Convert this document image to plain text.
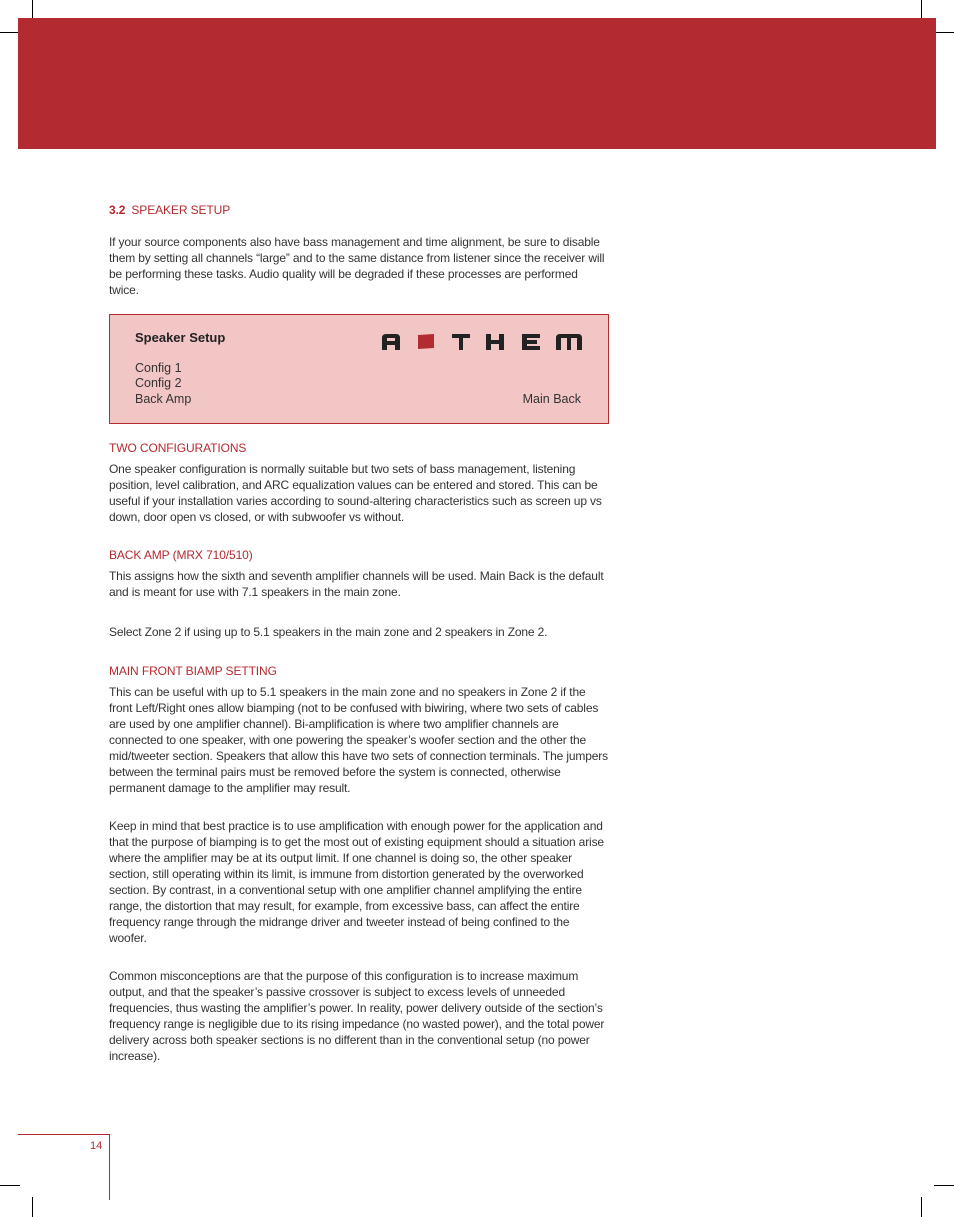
3.2 SPEAKER SETUP
If your source components also have bass management and time alignment, be sure to disable them by setting all channels “large” and to the same distance from listener since the receiver will be performing these tasks. Audio quality will be degraded if these processes are performed twice.
Speaker Setup
Config 1
Config 2
Back Amp	Main Back
TWO CONFIGURATIONS
One speaker configuration is normally suitable but two sets of bass management, listening position, level calibration, and ARC equalization values can be entered and stored. This can be useful if your installation varies according to sound-altering characteristics such as screen up vs down, door open vs closed, or with subwoofer vs without.
BACK AMP (MRX 710/510)
This assigns how the sixth and seventh amplifier channels will be used. Main Back is the default and is meant for use with 7.1 speakers in the main zone.
Select Zone 2 if using up to 5.1 speakers in the main zone and 2 speakers in Zone 2.
MAIN FRONT BIAMP SETTING
This can be useful with up to 5.1 speakers in the main zone and no speakers in Zone 2 if the front Left/Right ones allow biamping (not to be confused with biwiring, where two sets of cables are used by one amplifier channel). Bi-amplification is where two amplifier channels are connected to one speaker, with one powering the speaker’s woofer section and the other the mid/tweeter section. Speakers that allow this have two sets of connection terminals. The jumpers between the terminal pairs must be removed before the system is connected, otherwise permanent damage to the amplifier may result.
Keep in mind that best practice is to use amplification with enough power for the application and that the purpose of biamping is to get the most out of existing equipment should a situation arise where the amplifier may be at its output limit. If one channel is doing so, the other speaker section, still operating within its limit, is immune from distortion generated by the overworked section. By contrast, in a conventional setup with one amplifier channel amplifying the entire range, the distortion that may result, for example, from excessive bass, can affect the entire frequency range through the midrange driver and tweeter instead of being confined to the woofer.
Common misconceptions are that the purpose of this configuration is to increase maximum output, and that the speaker’s passive crossover is subject to excess levels of unneeded frequencies, thus wasting the amplifier’s power. In reality, power delivery outside of the section’s frequency range is negligible due to its rising impedance (no wasted power), and the total power delivery across both speaker sections is no different than in the conventional setup (no power increase).
14
